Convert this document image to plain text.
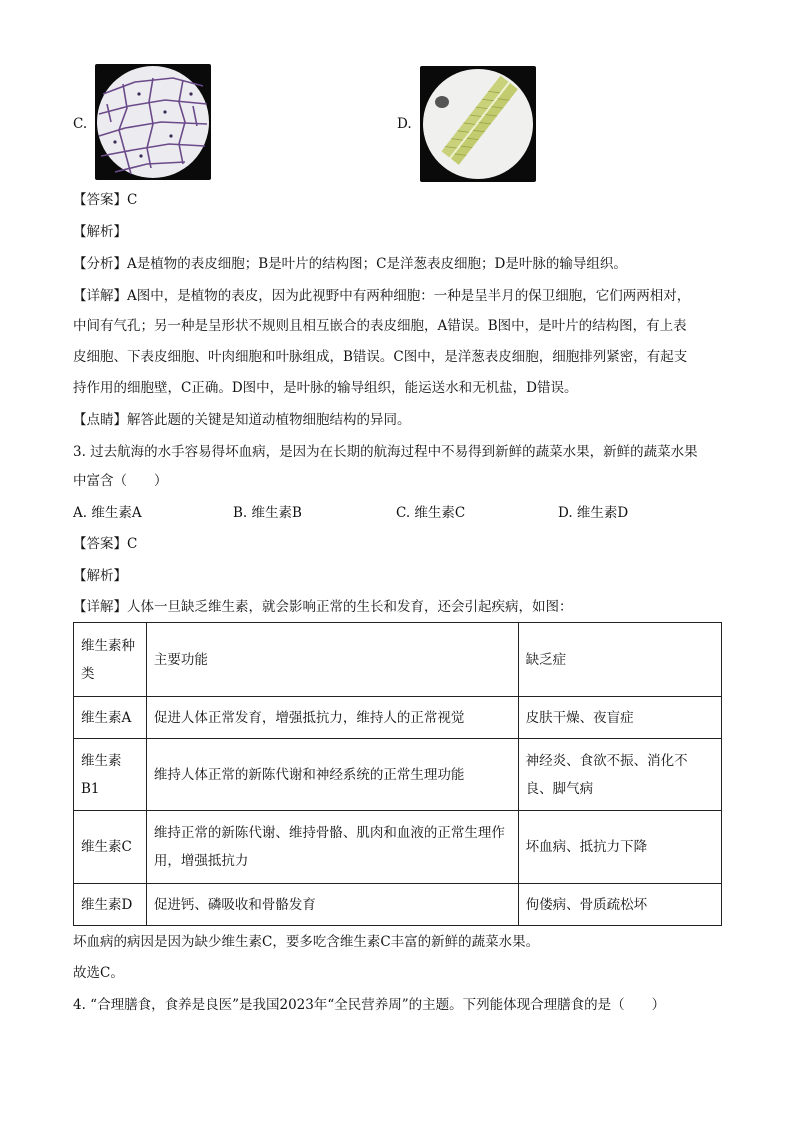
C.	D.
【答案】C
【解析】
【分析】A是植物的表皮细胞；B是叶片的结构图；C是洋葱表皮细胞；D是叶脉的输导组织。
【详解】A图中，是植物的表皮，因为此视野中有两种细胞：一种是呈半月的保卫细胞，它们两两相对，
中间有气孔；另一种是呈形状不规则且相互嵌合的表皮细胞，A错误。B图中，是叶片的结构图，有上表
皮细胞、下表皮细胞、叶肉细胞和叶脉组成，B错误。C图中，是洋葱表皮细胞，细胞排列紧密，有起支
持作用的细胞壁，C正确。D图中，是叶脉的输导组织，能运送水和无机盐，D错误。
【点睛】解答此题的关键是知道动植物细胞结构的异同。
3. 过去航海的水手容易得坏血病，是因为在长期的航海过程中不易得到新鲜的蔬菜水果，新鲜的蔬菜水果
中富含（　　）
A. 维生素A	B. 维生素B	C. 维生素C	D. 维生素D
【答案】C
【解析】
【详解】人体一旦缺乏维生素，就会影响正常的生长和发育，还会引起疾病，如图：
维生素种类	主要功能	缺乏症
维生素A	促进人体正常发育，增强抵抗力，维持人的正常视觉	皮肤干燥、夜盲症
维生素B1	维持人体正常的新陈代谢和神经系统的正常生理功能	神经炎、食欲不振、消化不良、脚气病
维生素C	维持正常的新陈代谢、维持骨骼、肌肉和血液的正常生理作用，增强抵抗力	坏血病、抵抗力下降
维生素D	促进钙、磷吸收和骨骼发育	佝偻病、骨质疏松坏
坏血病的病因是因为缺少维生素C，要多吃含维生素C丰富的新鲜的蔬菜水果。
故选C。
4. “合理膳食，食养是良医”是我国2023年“全民营养周”的主题。下列能体现合理膳食的是（　　）
